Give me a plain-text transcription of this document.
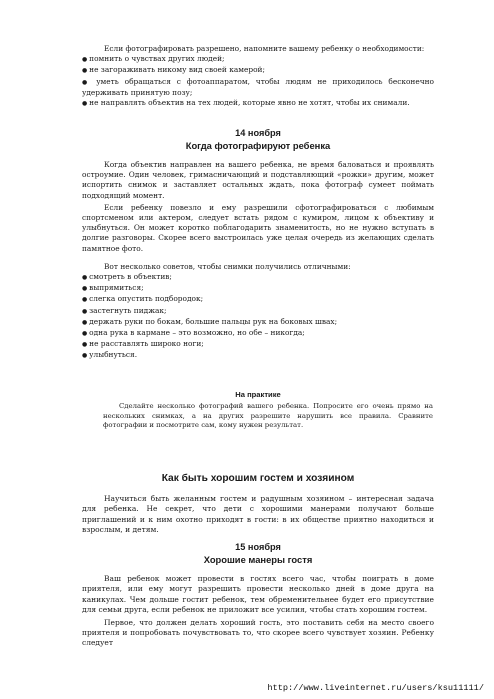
Если фотографировать разрешено, напомните вашему ребенку о необходимости:

● помнить о чувствах других людей;
● не загораживать никому вид своей камерой;
● уметь обращаться с фотоаппаратом, чтобы людям не приходилось бесконечно удерживать принятую позу;
● не направлять объектив на тех людей, которые явно не хотят, чтобы их снимали.
14 ноября
Когда фотографируют ребенка

Когда объектив направлен на вашего ребенка, не время баловаться и проявлять остроумие. Один человек, гримасничающий и подставляющий «рожки» другим, может испортить снимок и заставляет остальных ждать, пока фотограф сумеет поймать подходящий момент.

Если ребенку повезло и ему разрешили сфотографироваться с любимым спортсменом или актером, следует встать рядом с кумиром, лицом к объективу и улыбнуться. Он может коротко поблагодарить знаменитость, но не нужно вступать в долгие разговоры. Скорее всего выстроилась уже целая очередь из желающих сделать памятное фото.

Вот несколько советов, чтобы снимки получились отличными:

● смотреть в объектив;
● выпрямиться;
● слегка опустить подбородок;
● застегнуть пиджак;
● держать руки по бокам, большие пальцы рук на боковых швах;
● одна рука в кармане – это возможно, но обе – никогда;
● не расставлять широко ноги;
● улыбнуться.
На практике
Сделайте несколько фотографий вашего ребенка. Попросите его очень прямо на нескольких снимках, а на других разрешите нарушить все правила. Сравните фотографии и посмотрите сам, кому нужен результат.
Как быть хорошим гостем и хозяином

Научиться быть желанным гостем и радушным хозяином – интересная задача для ребенка. Не секрет, что дети с хорошими манерами получают больше приглашений и к ним охотно приходят в гости: в их обществе приятно находиться и взрослым, и детям.

15 ноября
Хорошие манеры гостя

Ваш ребенок может провести в гостях всего час, чтобы поиграть в доме приятеля, или ему могут разрешить провести несколько дней в доме друга на каникулах. Чем дольше гостит ребенок, тем обременительнее будет его присутствие для семьи друга, если ребенок не приложит все усилия, чтобы стать хорошим гостем.

Первое, что должен делать хороший гость, это поставить себя на место своего приятеля и попробовать почувствовать то, что скорее всего чувствует хозяин. Ребенку следует

http://www.liveinternet.ru/users/ksu11111/
